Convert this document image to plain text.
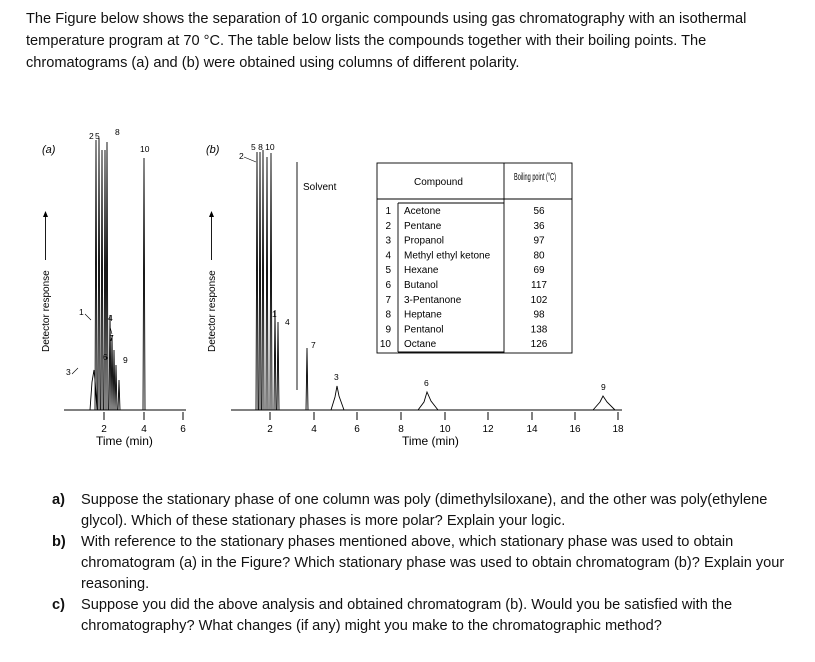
The Figure below shows the separation of 10 organic compounds using gas chromatography with an isothermal temperature program at 70 °C. The table below lists the compounds together with their boiling points. The chromatograms (a) and (b) were obtained using columns of different polarity.

(a)
Detector response
2 5 8
10
1
4
7
6 9
3
2	4	6
Time (min)
(b)
Detector response
5 8 10
2
1
4
7
3
6	9
Solvent
2	4	6	8	10	12	14	16	18
Time (min)
Compound	Boiling point (°C)
1 Acetone	56
2 Pentane	36
3 Propanol	97
4 Methyl ethyl ketone	80
5 Hexane	69
6 Butanol	117
7 3-Pentanone	102
8 Heptane	98
9 Pentanol	138
10 Octane	126
a) Suppose the stationary phase of one column was poly (dimethylsiloxane), and the other was poly(ethylene glycol). Which of these stationary phases is more polar? Explain your logic.
b) With reference to the stationary phases mentioned above, which stationary phase was used to obtain chromatogram (a) in the Figure? Which stationary phase was used to obtain chromatogram (b)? Explain your reasoning.
c) Suppose you did the above analysis and obtained chromatogram (b). Would you be satisfied with the chromatography? What changes (if any) might you make to the chromatographic method?
